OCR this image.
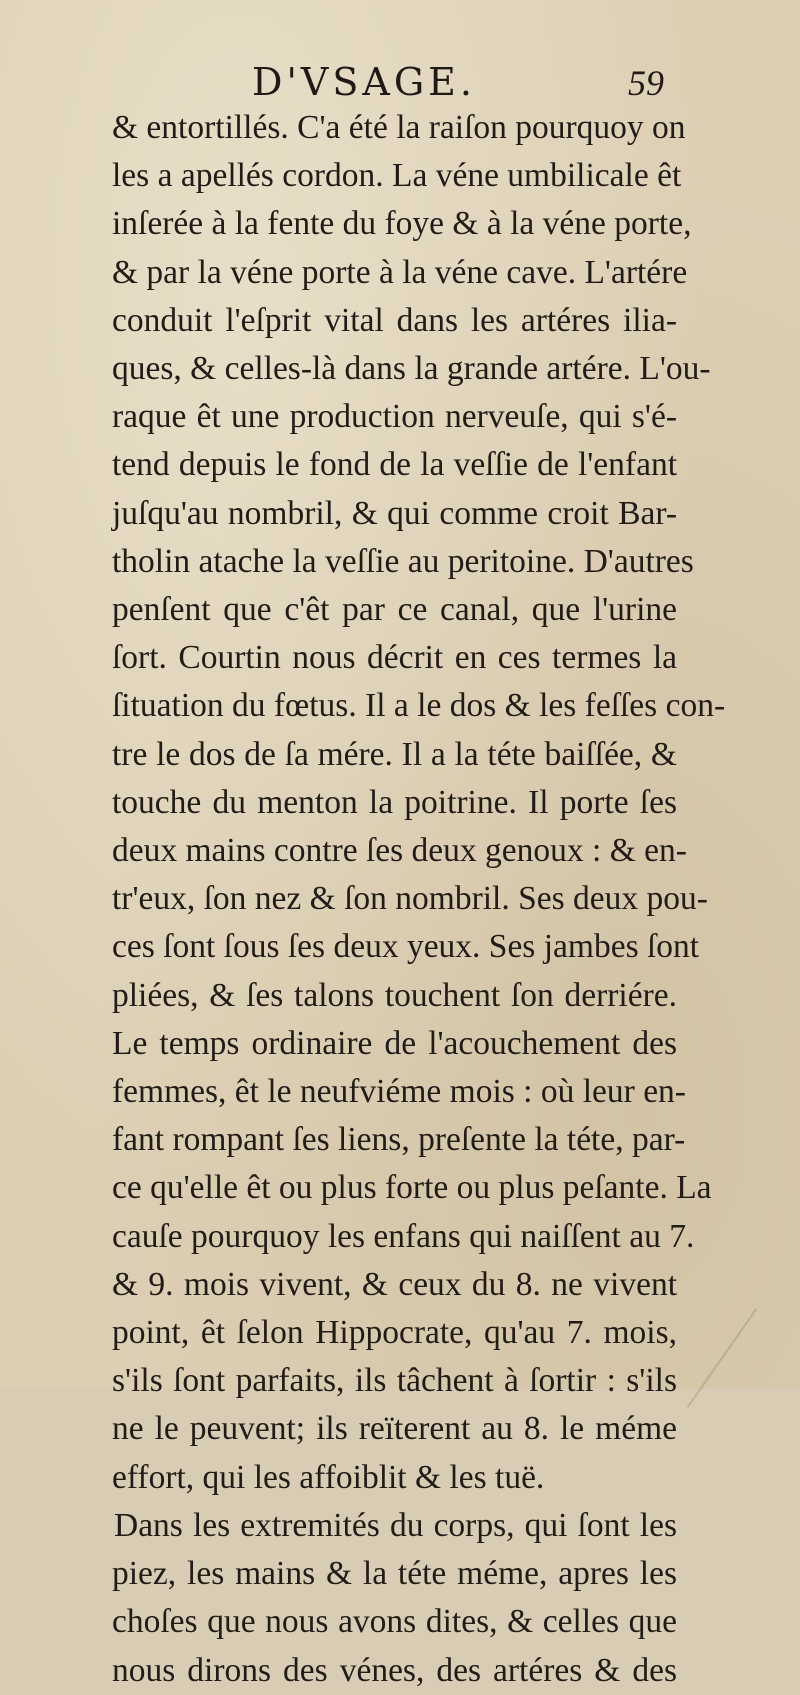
D'VSAGE.	59
& entortillés. C'a été la raiſon pourquoy on
les a apellés cordon. La véne umbilicale êt
inſerée à la fente du foye & à la véne porte,
& par la véne porte à la véne cave. L'artére
conduit l'eſprit vital dans les artéres ilia-
ques, & celles-là dans la grande artére. L'ou-
raque êt une production nerveuſe, qui s'é-
tend depuis le fond de la veſſie de l'enfant
juſqu'au nombril, & qui comme croit Bar-
tholin atache la veſſie au peritoine. D'autres
penſent que c'êt par ce canal, que l'urine
ſort. Courtin nous décrit en ces termes la
ſituation du fœtus. Il a le dos & les feſſes con-
tre le dos de ſa mére. Il a la téte baiſſée, &
touche du menton la poitrine. Il porte ſes
deux mains contre ſes deux genoux : & en-
tr'eux, ſon nez & ſon nombril. Ses deux pou-
ces ſont ſous ſes deux yeux. Ses jambes ſont
pliées, & ſes talons touchent ſon derriére.
Le temps ordinaire de l'acouchement des
femmes, êt le neufviéme mois : où leur en-
fant rompant ſes liens, preſente la téte, par-
ce qu'elle êt ou plus forte ou plus peſante. La
cauſe pourquoy les enfans qui naiſſent au 7.
& 9. mois vivent, & ceux du 8. ne vivent
point, êt ſelon Hippocrate, qu'au 7. mois,
s'ils ſont parfaits, ils tâchent à ſortir : s'ils
ne le peuvent; ils reïterent au 8. le méme
effort, qui les affoiblit & les tuë.
Dans les extremités du corps, qui ſont les
piez, les mains & la téte méme, apres les
choſes que nous avons dites, & celles que
nous dirons des vénes, des artéres & des
